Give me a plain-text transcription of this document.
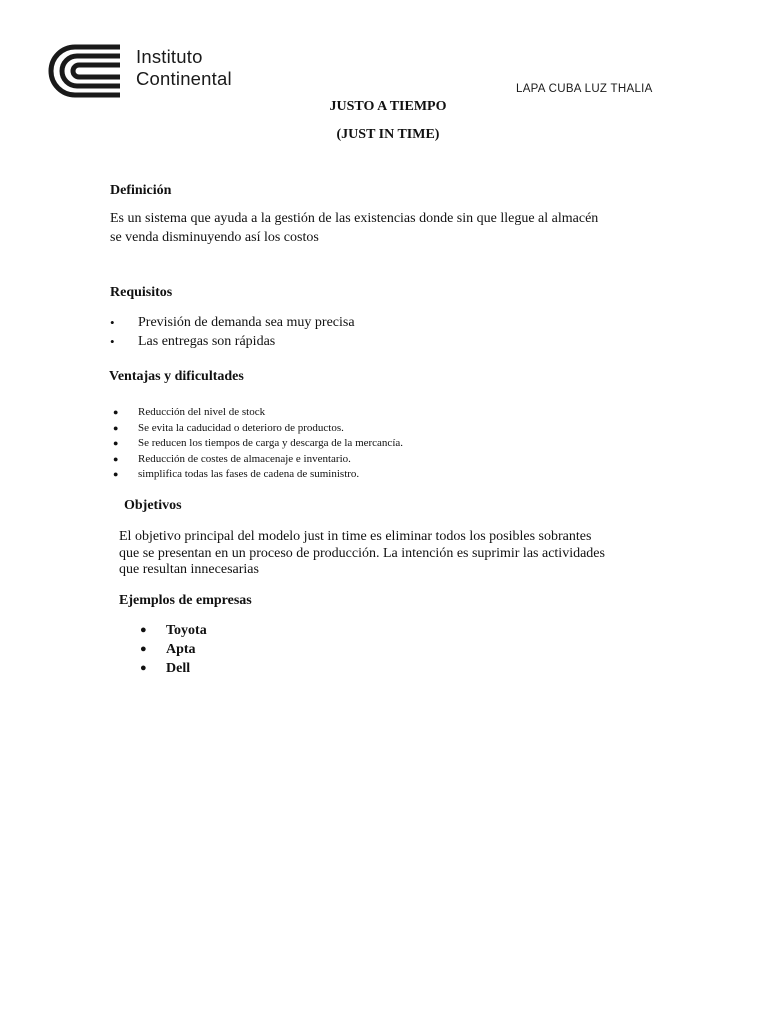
Instituto
Continental	LAPA CUBA LUZ THALIA
JUSTO A TIEMPO
(JUST IN TIME)
Definición
Es un sistema que ayuda a la gestión de las existencias donde sin que llegue al almacén
se venda disminuyendo así los costos
Requisitos
• Previsión de demanda sea muy precisa
• Las entregas son rápidas
Ventajas y dificultades
● Reducción del nivel de stock
● Se evita la caducidad o deterioro de productos.
● Se reducen los tiempos de carga y descarga de la mercancía.
● Reducción de costes de almacenaje e inventario.
● simplifica todas las fases de cadena de suministro.
Objetivos
El objetivo principal del modelo just in time es eliminar todos los posibles sobrantes
que se presentan en un proceso de producción. La intención es suprimir las actividades
que resultan innecesarias
Ejemplos de empresas
● Toyota
● Apta
● Dell
